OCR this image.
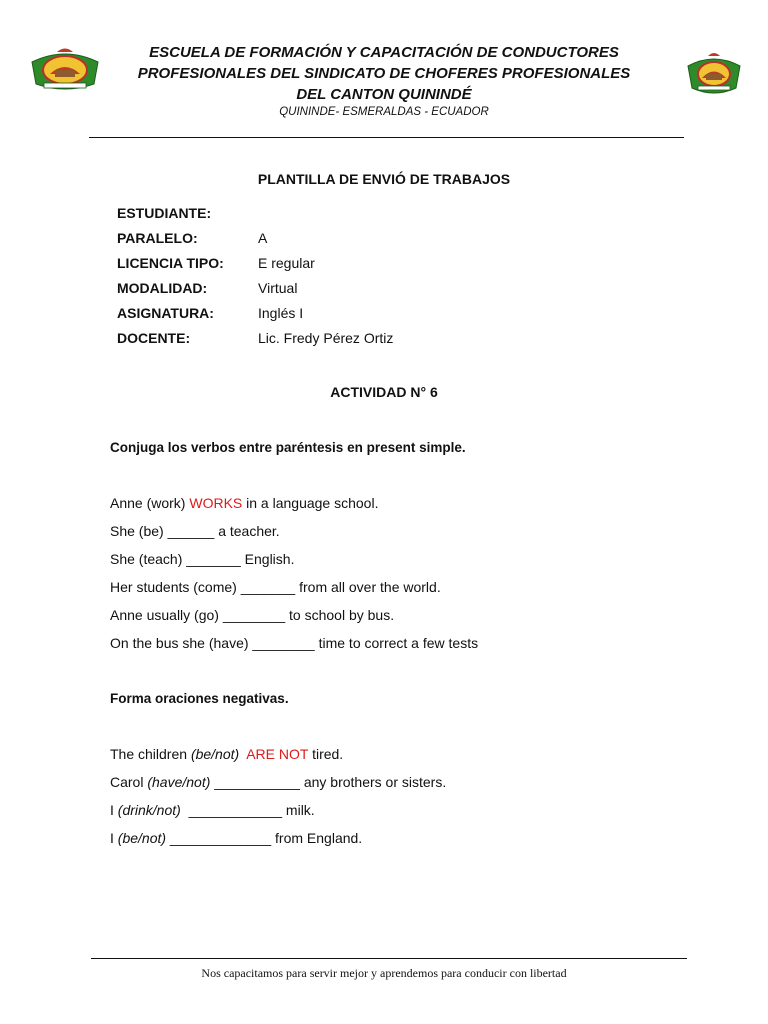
ESCUELA DE FORMACIÓN Y CAPACITACIÓN DE CONDUCTORES
PROFESIONALES DEL SINDICATO DE CHOFERES PROFESIONALES
DEL CANTON QUININDÉ
QUININDE- ESMERALDAS - ECUADOR
PLANTILLA DE ENVIÓ DE TRABAJOS
ESTUDIANTE:
PARALELO:	A
LICENCIA TIPO: E regular
MODALIDAD:	Virtual
ASIGNATURA:	Inglés I
DOCENTE:	Lic. Fredy Pérez Ortiz
ACTIVIDAD N° 6
Conjuga los verbos entre paréntesis en present simple.
Anne (work) WORKS in a language school.
She (be) ______ a teacher.
She (teach) _______ English.
Her students (come) _______ from all over the world.
Anne usually (go) ________ to school by bus.
On the bus she (have) ________ time to correct a few tests
Forma oraciones negativas.
The children (be/not) ARE NOT tired.
Carol (have/not) ___________ any brothers or sisters.
I (drink/not)  ____________ milk.
I (be/not) _____________ from England.
Nos capacitamos para servir mejor y aprendemos para conducir con libertad
